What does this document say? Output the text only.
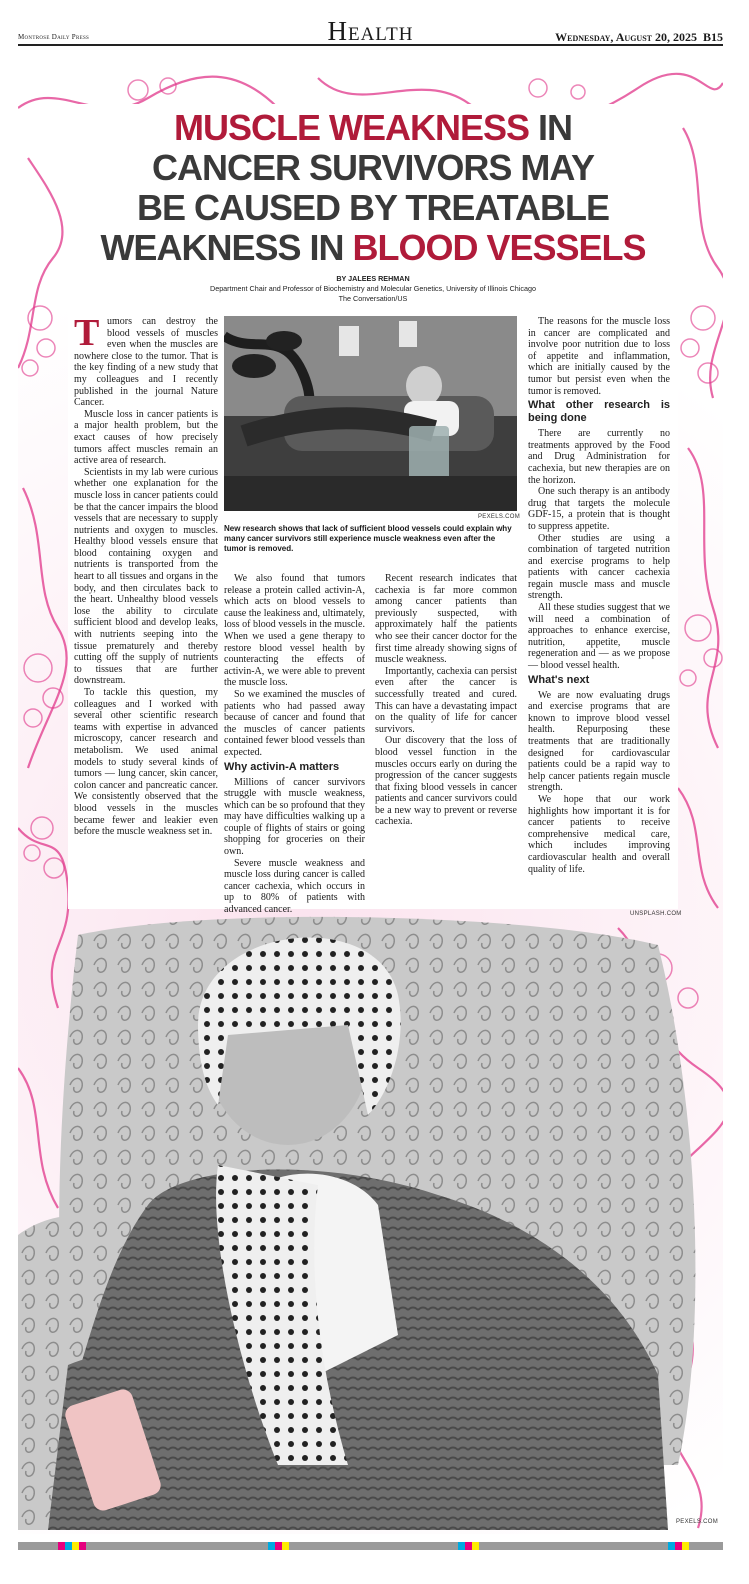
Montrose Daily Press	Health	Wednesday, August 20, 2025 B15
MUSCLE WEAKNESS IN
CANCER SURVIVORS MAY
BE CAUSED BY TREATABLE
WEAKNESS IN BLOOD VESSELS
BY JALEES REHMAN
Department Chair and Professor of Biochemistry and Molecular Genetics, University of Illinois Chicago
The Conversation/US

T umors can destroy the blood vessels of muscles even when the muscles are nowhere close to the tumor. That is the key finding of a new study that my colleagues and I recently published in the journal Nature Cancer.

Muscle loss in cancer patients is a major health problem, but the exact causes of how precisely tumors affect muscles remain an active area of research.

Scientists in my lab were curious whether one explanation for the muscle loss in cancer patients could be that the cancer impairs the blood vessels that are necessary to supply nutrients and oxygen to muscles. Healthy blood vessels ensure that blood containing oxygen and nutrients is transported from the heart to all tissues and organs in the body, and then circulates back to the heart. Unhealthy blood vessels lose the ability to circulate sufficient blood and develop leaks, with nutrients seeping into the tissue prematurely and thereby cutting off the supply of nutrients to tissues that are further downstream.

To tackle this question, my colleagues and I worked with several other scientific research teams with expertise in advanced microscopy, cancer research and metabolism. We used animal models to study several kinds of tumors — lung cancer, skin cancer, colon cancer and pancreatic cancer. We consistently observed that the blood vessels in the muscles became fewer and leakier even before the muscle weakness set in.

PEXELS.COM
New research shows that lack of sufficient blood vessels could explain why many cancer survivors still experience muscle weakness even after the tumor is removed.

We also found that tumors release a protein called activin-A, which acts on blood vessels to cause the leakiness and, ultimately, loss of blood vessels in the muscle. When we used a gene therapy to restore blood vessel health by counteracting the effects of activin-A, we were able to prevent the muscle loss.

So we examined the muscles of patients who had passed away because of cancer and found that the muscles of cancer patients contained fewer blood vessels than expected.

Why activin-A matters

Millions of cancer survivors struggle with muscle weakness, which can be so profound that they may have difficulties walking up a couple of flights of stairs or going shopping for groceries on their own.

Severe muscle weakness and muscle loss during cancer is called cancer cachexia, which occurs in up to 80% of patients with advanced cancer.

Recent research indicates that cachexia is far more common among cancer patients than previously suspected, with approximately half the patients who see their cancer doctor for the first time already showing signs of muscle weakness.

Importantly, cachexia can persist even after the cancer is successfully treated and cured. This can have a devastating impact on the quality of life for cancer survivors.

Our discovery that the loss of blood vessel function in the muscles occurs early on during the progression of the cancer suggests that fixing blood vessels in cancer patients and cancer survivors could be a new way to prevent or reverse cachexia.

The reasons for the muscle loss in cancer are complicated and involve poor nutrition due to loss of appetite and inflammation, which are initially caused by the tumor but persist even when the tumor is removed.

What other research is being done

There are currently no treatments approved by the Food and Drug Administration for cachexia, but new therapies are on the horizon.

One such therapy is an antibody drug that targets the molecule GDF-15, a protein that is thought to suppress appetite.

Other studies are using a combination of targeted nutrition and exercise programs to help patients with cancer cachexia regain muscle mass and muscle strength.

All these studies suggest that we will need a combination of approaches to enhance exercise, nutrition, appetite, muscle regeneration and — as we propose — blood vessel health.

What's next

We are now evaluating drugs and exercise programs that are known to improve blood vessel health. Repurposing these treatments that are traditionally designed for cardiovascular patients could be a rapid way to help cancer patients regain muscle strength.

We hope that our work highlights how important it is for cancer patients to receive comprehensive medical care, which includes improving cardiovascular health and overall quality of life.

UNSPLASH.COM
PEXELS.COM
